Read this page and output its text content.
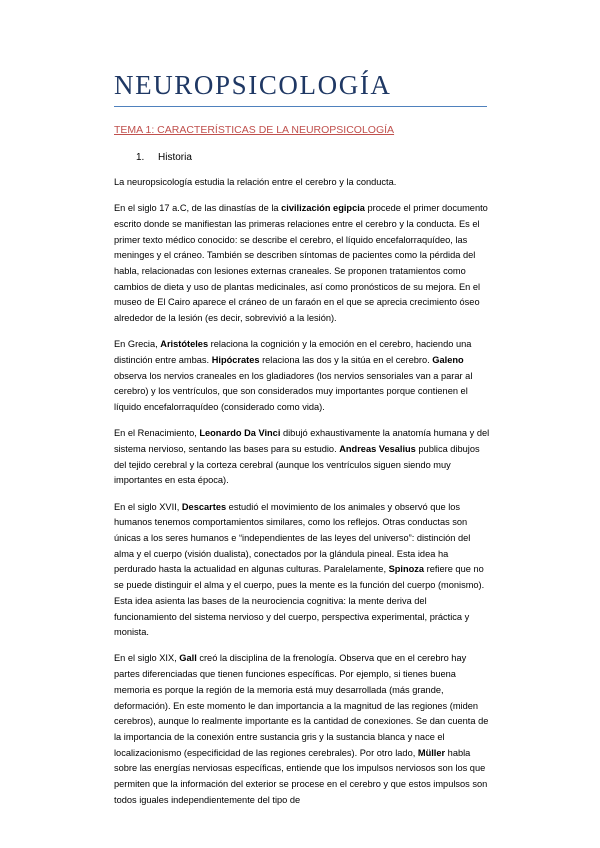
NEUROPSICOLOGÍA
TEMA 1: CARACTERÍSTICAS DE LA NEUROPSICOLOGÍA
1. Historia

La neuropsicología estudia la relación entre el cerebro y la conducta.

En el siglo 17 a.C, de las dinastías de la civilización egipcia procede el primer documento escrito donde se manifiestan las primeras relaciones entre el cerebro y la conducta. Es el primer texto médico conocido: se describe el cerebro, el líquido encefalorraquídeo, las meninges y el cráneo. También se describen síntomas de pacientes como la pérdida del habla, relacionadas con lesiones externas craneales. Se proponen tratamientos como cambios de dieta y uso de plantas medicinales, así como pronósticos de su mejora. En el museo de El Cairo aparece el cráneo de un faraón en el que se aprecia crecimiento óseo alrededor de la lesión (es decir, sobrevivió a la lesión).

En Grecia, Aristóteles relaciona la cognición y la emoción en el cerebro, haciendo una distinción entre ambas. Hipócrates relaciona las dos y la sitúa en el cerebro. Galeno observa los nervios craneales en los gladiadores (los nervios sensoriales van a parar al cerebro) y los ventrículos, que son considerados muy importantes porque contienen el líquido encefalorraquídeo (considerado como vida).

En el Renacimiento, Leonardo Da Vinci dibujó exhaustivamente la anatomía humana y del sistema nervioso, sentando las bases para su estudio. Andreas Vesalius publica dibujos del tejido cerebral y la corteza cerebral (aunque los ventrículos siguen siendo muy importantes en esta época).

En el siglo XVII, Descartes estudió el movimiento de los animales y observó que los humanos tenemos comportamientos similares, como los reflejos. Otras conductas son únicas a los seres humanos e “independientes de las leyes del universo”: distinción del alma y el cuerpo (visión dualista), conectados por la glándula pineal. Esta idea ha perdurado hasta la actualidad en algunas culturas. Paralelamente, Spinoza refiere que no se puede distinguir el alma y el cuerpo, pues la mente es la función del cuerpo (monismo). Esta idea asienta las bases de la neurociencia cognitiva: la mente deriva del funcionamiento del sistema nervioso y del cuerpo, perspectiva experimental, práctica y monista.

En el siglo XIX, Gall creó la disciplina de la frenología. Observa que en el cerebro hay partes diferenciadas que tienen funciones específicas. Por ejemplo, si tienes buena memoria es porque la región de la memoria está muy desarrollada (más grande, deformación). En este momento le dan importancia a la magnitud de las regiones (miden cerebros), aunque lo realmente importante es la cantidad de conexiones. Se dan cuenta de la importancia de la conexión entre sustancia gris y la sustancia blanca y nace el localizacionismo (especificidad de las regiones cerebrales). Por otro lado, Müller habla sobre las energías nerviosas específicas, entiende que los impulsos nerviosos son los que permiten que la información del exterior se procese en el cerebro y que estos impulsos son todos iguales independientemente del tipo de
